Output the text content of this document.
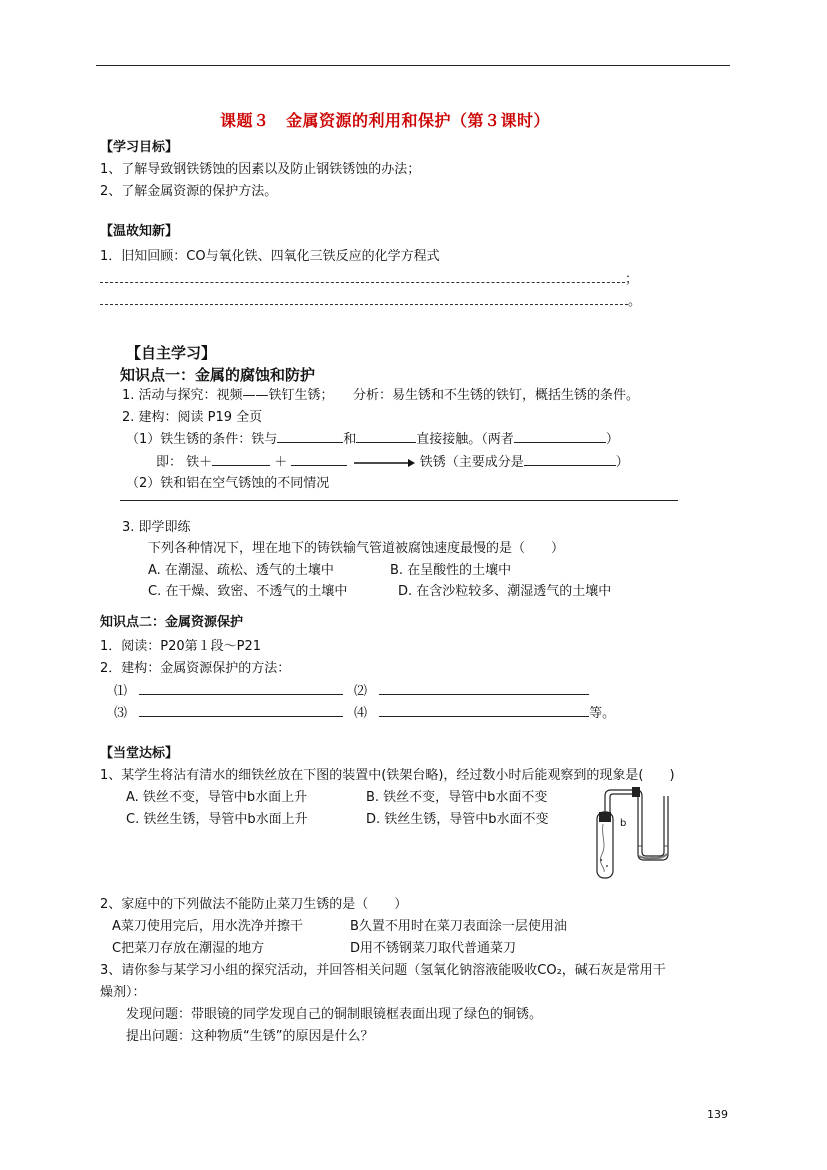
课题３　金属资源的利用和保护（第３课时）
【学习目标】
1、了解导致钢铁锈蚀的因素以及防止钢铁锈蚀的办法；
2、了解金属资源的保护方法。
【温故知新】
1．旧知回顾：CO与氧化铁、四氧化三铁反应的化学方程式
；
。
【自主学习】
知识点一：金属的腐蚀和防护
1. 活动与探究：视频——铁钉生锈；　　分析：易生锈和不生锈的铁钉，概括生锈的条件。
2. 建构：阅读 P19 全页
（1）铁生锈的条件：铁与	和	直接接触。（两者	）
即： 铁＋	＋	铁锈（主要成分是	）
（2）铁和铝在空气锈蚀的不同情况
3. 即学即练
下列各种情况下，埋在地下的铸铁输气管道被腐蚀速度最慢的是（　　）
A. 在潮湿、疏松、透气的土壤中	B. 在呈酸性的土壤中
C. 在干燥、致密、不透气的土壤中	D. 在含沙粒较多、潮湿透气的土壤中
知识点二：金属资源保护
1．阅读：P20第１段～P21
2．建构：金属资源保护的方法：
⑴	⑵
⑶	⑷	等。
【当堂达标】
1、某学生将沾有清水的细铁丝放在下图的装置中(铁架台略)，经过数小时后能观察到的现象是(　　)
A. 铁丝不变，导管中b水面上升	B. 铁丝不变，导管中b水面不变
C. 铁丝生锈，导管中b水面上升	D. 铁丝生锈，导管中b水面不变	b
2、家庭中的下列做法不能防止菜刀生锈的是（　　）
A菜刀使用完后，用水洗净并擦干	B久置不用时在菜刀表面涂一层使用油
C把菜刀存放在潮湿的地方	D用不锈钢菜刀取代普通菜刀
3、请你参与某学习小组的探究活动，并回答相关问题（氢氧化钠溶液能吸收CO₂，碱石灰是常用干
燥剂）：
发现问题：带眼镜的同学发现自己的铜制眼镜框表面出现了绿色的铜锈。
提出问题：这种物质“生锈”的原因是什么？
139
